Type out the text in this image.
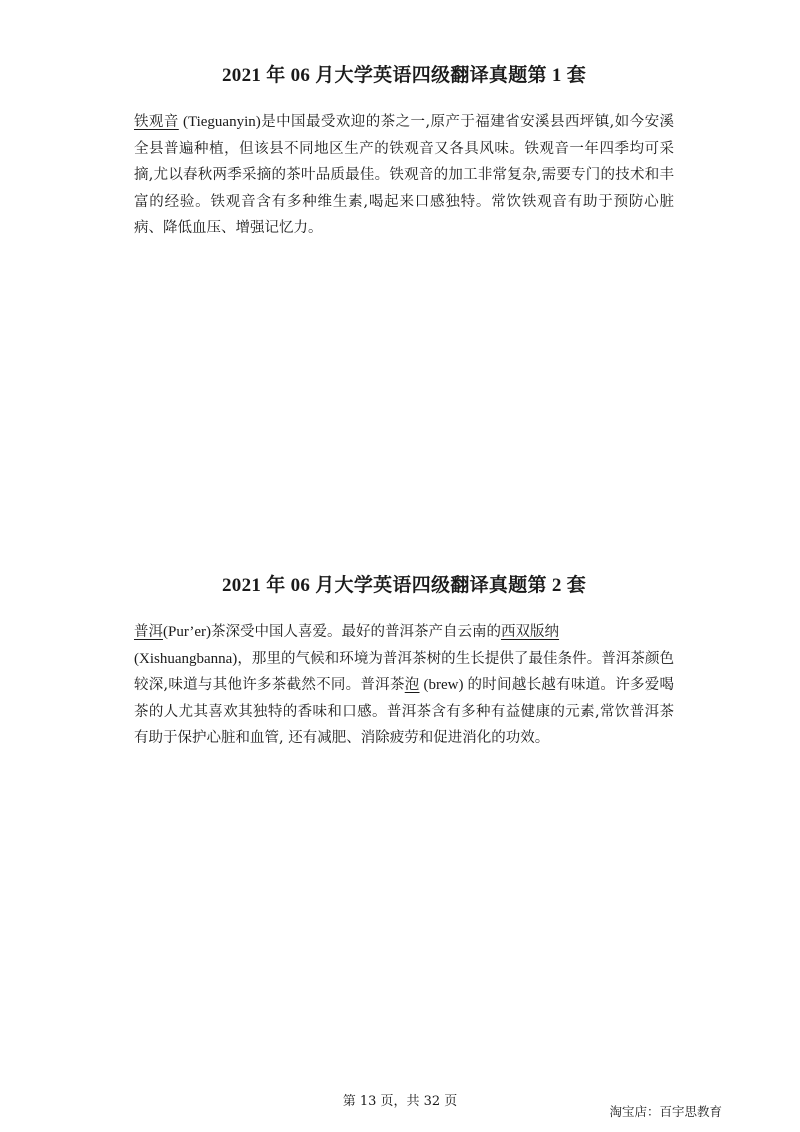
2021 年 06 月大学英语四级翻译真题第 1 套

铁观音 (Tieguanyin)是中国最受欢迎的茶之一,原产于福建省安溪县西坪镇,如今安溪全县普遍种植，但该县不同地区生产的铁观音又各具风味。铁观音一年四季均可采摘,尤以春秋两季采摘的茶叶品质最佳。铁观音的加工非常复杂,需要专门的技术和丰富的经验。铁观音含有多种维生素,喝起来口感独特。常饮铁观音有助于预防心脏病、降低血压、增强记忆力。

2021 年 06 月大学英语四级翻译真题第 2 套

普洱(Pur’er)茶深受中国人喜爱。最好的普洱茶产自云南的西双版纳
(Xishuangbanna)，那里的气候和环境为普洱茶树的生长提供了最佳条件。普洱茶颜色较深,味道与其他许多茶截然不同。普洱茶泡 (brew) 的时间越长越有味道。许多爱喝茶的人尤其喜欢其独特的香味和口感。普洱茶含有多种有益健康的元素,常饮普洱茶有助于保护心脏和血管, 还有减肥、消除疲劳和促进消化的功效。

第 13 页，共 32 页
淘宝店：百宇思教育
